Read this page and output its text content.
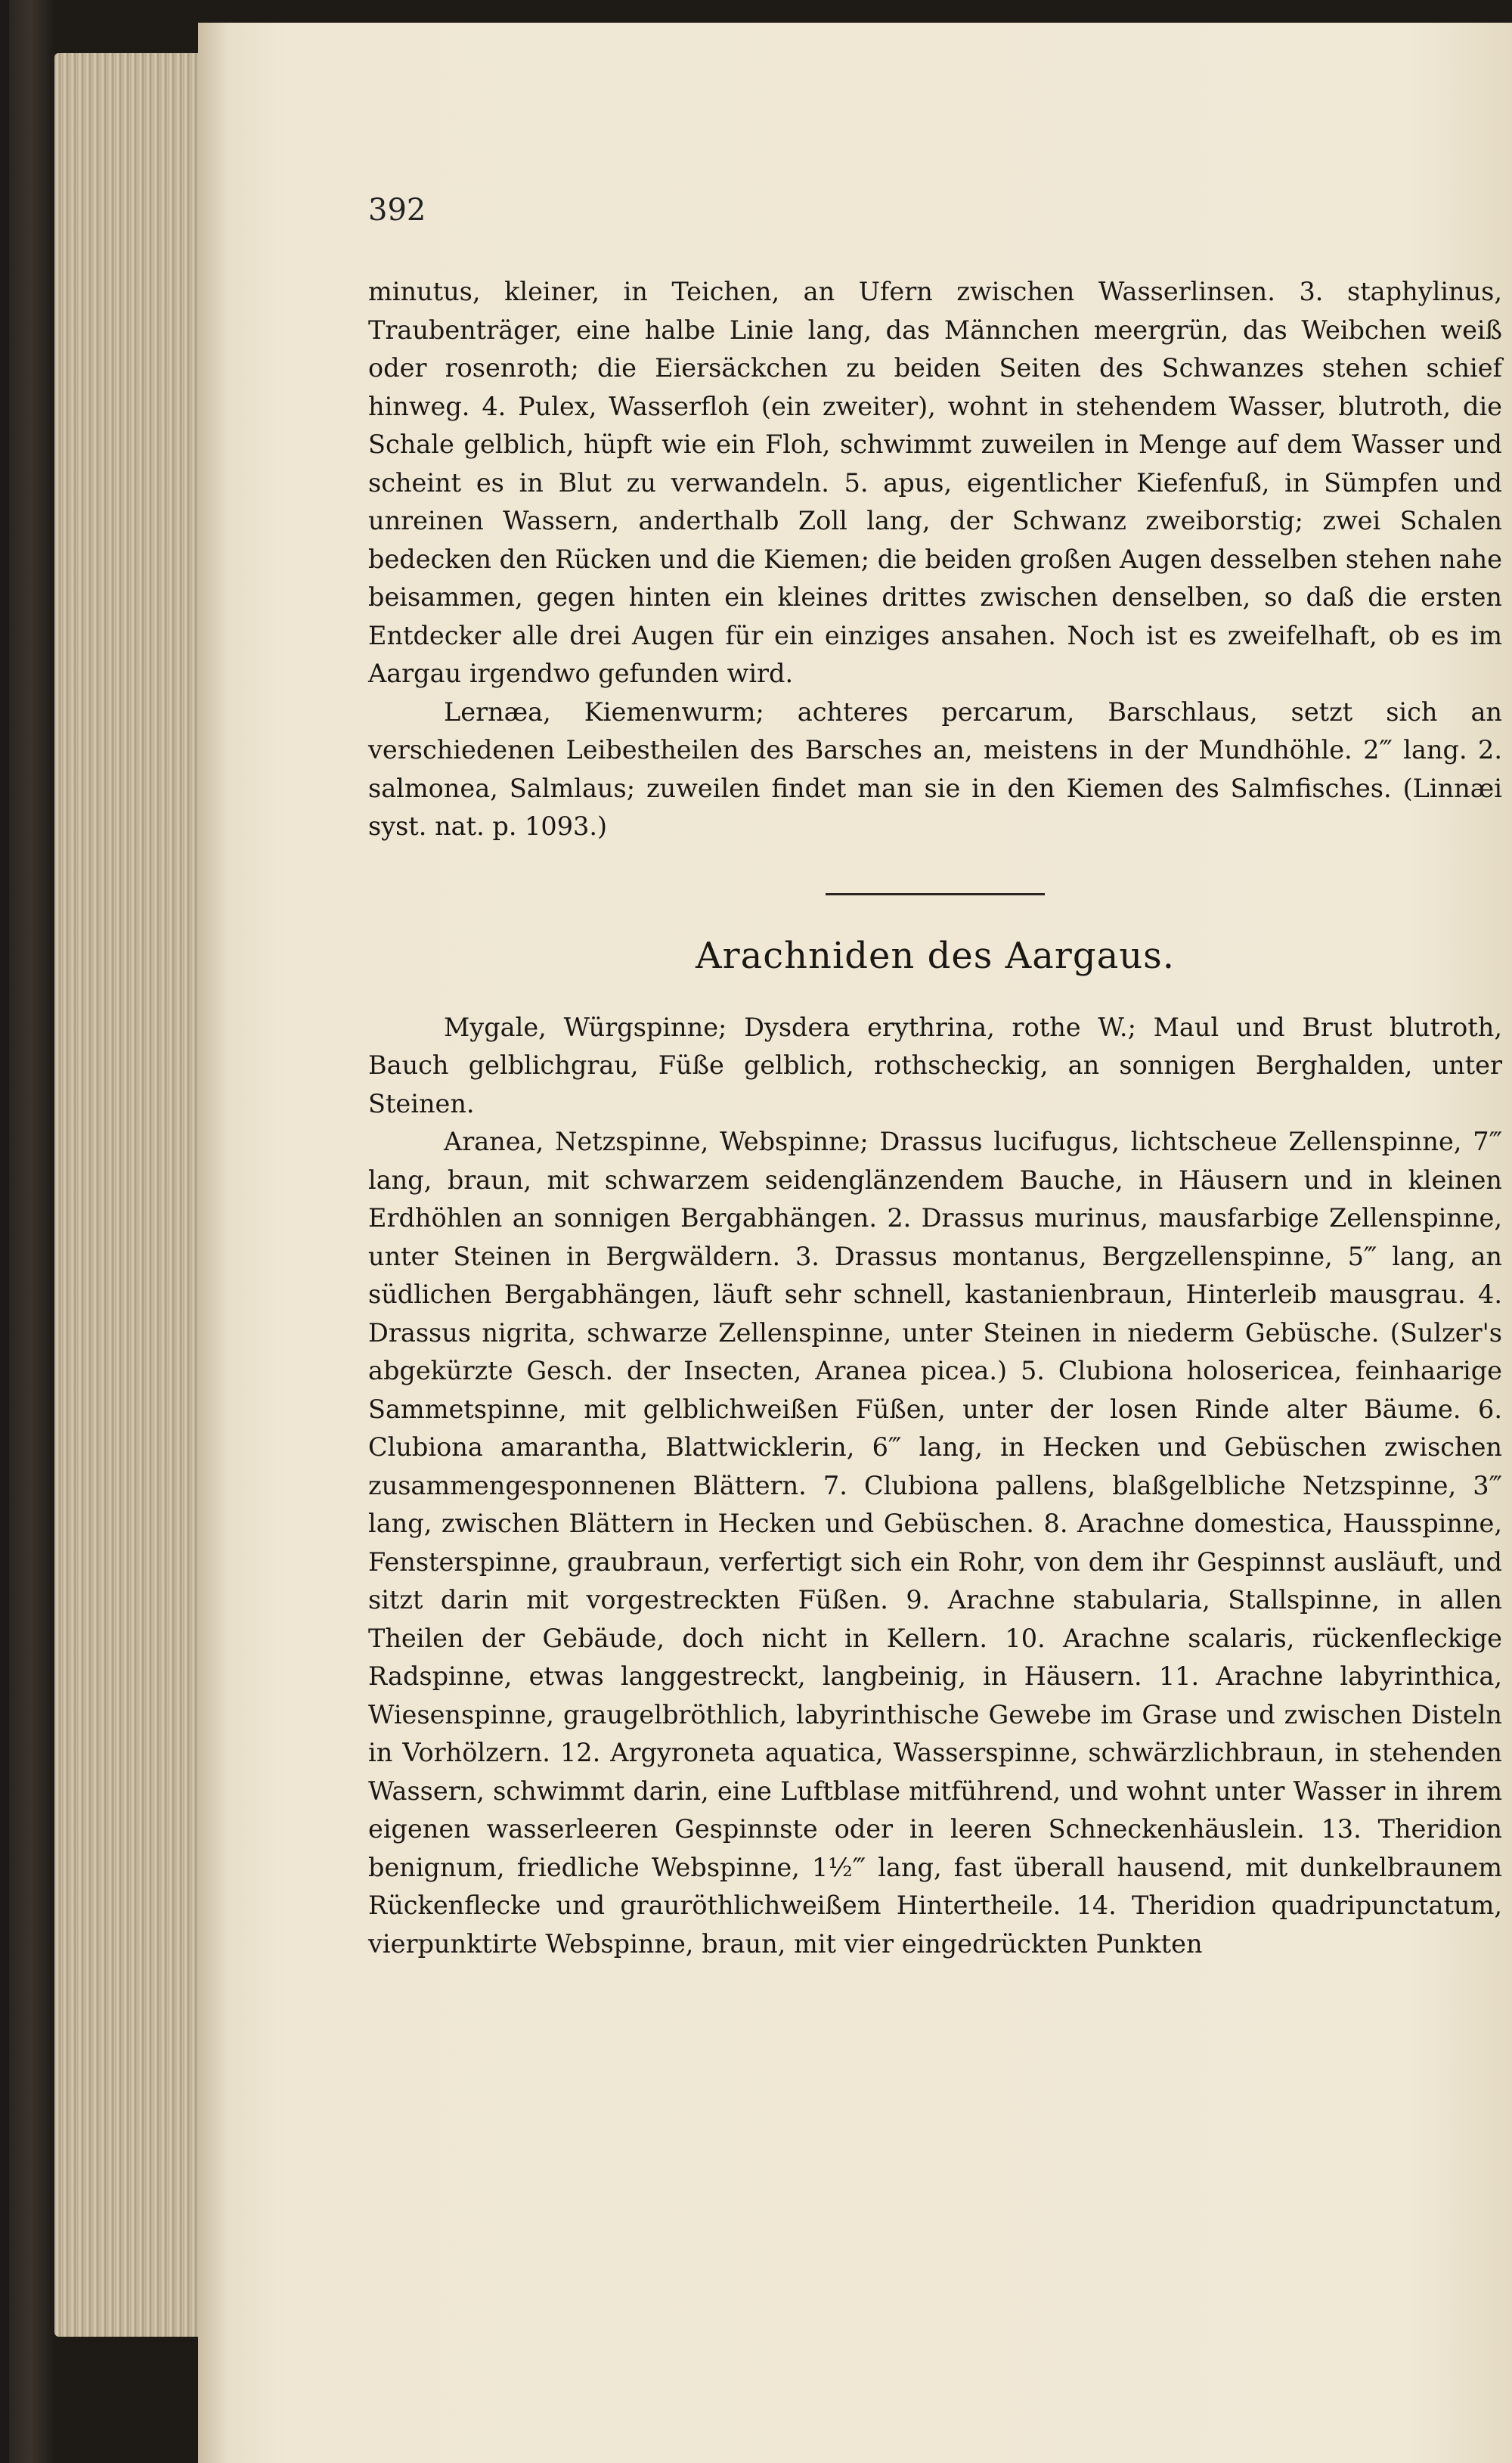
392

minutus, kleiner, in Teichen, an Ufern zwischen Wasserlinsen. 3. staphylinus, Traubenträger, eine halbe Linie lang, das Männchen meergrün, das Weibchen weiß oder rosenroth; die Eiersäckchen zu beiden Seiten des Schwanzes stehen schief hinweg. 4. Pulex, Wasserfloh (ein zweiter), wohnt in stehendem Wasser, blutroth, die Schale gelblich, hüpft wie ein Floh, schwimmt zuweilen in Menge auf dem Wasser und scheint es in Blut zu verwandeln. 5. apus, eigentlicher Kiefenfuß, in Sümpfen und unreinen Wassern, anderthalb Zoll lang, der Schwanz zweiborstig; zwei Schalen bedecken den Rücken und die Kiemen; die beiden großen Augen desselben stehen nahe beisammen, gegen hinten ein kleines drittes zwischen denselben, so daß die ersten Entdecker alle drei Augen für ein einziges ansahen. Noch ist es zweifelhaft, ob es im Aargau irgendwo gefunden wird.

Lernæa, Kiemenwurm; achteres percarum, Barschlaus, setzt sich an verschiedenen Leibestheilen des Barsches an, meistens in der Mundhöhle. 2‴ lang. 2. salmonea, Salmlaus; zuweilen findet man sie in den Kiemen des Salmfisches. (Linnæi syst. nat. p. 1093.)

Arachniden des Aargaus.

Mygale, Würgspinne; Dysdera erythrina, rothe W.; Maul und Brust blutroth, Bauch gelblichgrau, Füße gelblich, rothscheckig, an sonnigen Berghalden, unter Steinen.

Aranea, Netzspinne, Webspinne; Drassus lucifugus, lichtscheue Zellenspinne, 7‴ lang, braun, mit schwarzem seidenglänzendem Bauche, in Häusern und in kleinen Erdhöhlen an sonnigen Bergabhängen. 2. Drassus murinus, mausfarbige Zellenspinne, unter Steinen in Bergwäldern. 3. Drassus montanus, Bergzellenspinne, 5‴ lang, an südlichen Bergabhängen, läuft sehr schnell, kastanienbraun, Hinterleib mausgrau. 4. Drassus nigrita, schwarze Zellenspinne, unter Steinen in niederm Gebüsche. (Sulzer's abgekürzte Gesch. der Insecten, Aranea picea.) 5. Clubiona holosericea, feinhaarige Sammetspinne, mit gelblichweißen Füßen, unter der losen Rinde alter Bäume. 6. Clubiona amarantha, Blattwicklerin, 6‴ lang, in Hecken und Gebüschen zwischen zusammengesponnenen Blättern. 7. Clubiona pallens, blaßgelbliche Netzspinne, 3‴ lang, zwischen Blättern in Hecken und Gebüschen. 8. Arachne domestica, Hausspinne, Fensterspinne, graubraun, verfertigt sich ein Rohr, von dem ihr Gespinnst ausläuft, und sitzt darin mit vorgestreckten Füßen. 9. Arachne stabularia, Stallspinne, in allen Theilen der Gebäude, doch nicht in Kellern. 10. Arachne scalaris, rückenfleckige Radspinne, etwas langgestreckt, langbeinig, in Häusern. 11. Arachne labyrinthica, Wiesenspinne, graugelbröthlich, labyrinthische Gewebe im Grase und zwischen Disteln in Vorhölzern. 12. Argyroneta aquatica, Wasserspinne, schwärzlichbraun, in stehenden Wassern, schwimmt darin, eine Luftblase mitführend, und wohnt unter Wasser in ihrem eigenen wasserleeren Gespinnste oder in leeren Schneckenhäuslein. 13. Theridion benignum, friedliche Webspinne, 1½‴ lang, fast überall hausend, mit dunkelbraunem Rückenflecke und grauröthlichweißem Hintertheile. 14. Theridion quadripunctatum, vierpunktirte Webspinne, braun, mit vier eingedrückten Punkten
